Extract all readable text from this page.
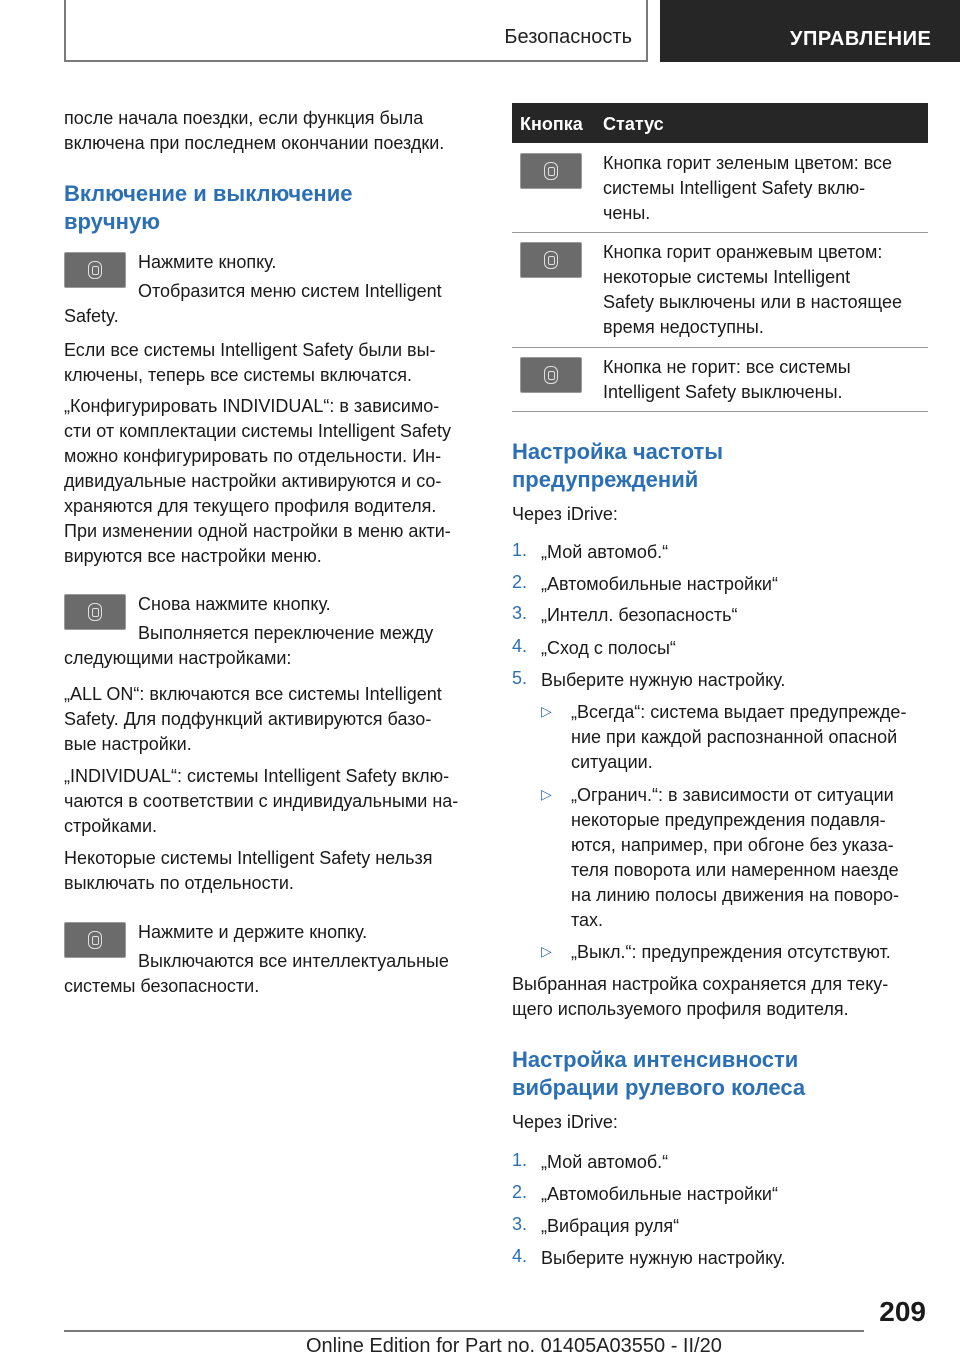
Безопасность	УПРАВЛЕНИЕ

после начала поездки, если функция была

включена при последнем окончании поездки.

Включение и выключение

вручную

Нажмите кнопку.

Отобразится меню систем Intelligent

Safety.

Если все системы Intelligent Safety были вы-

ключены, теперь все системы включатся.

„Конфигурировать INDIVIDUAL“: в зависимо-

сти от комплектации системы Intelligent Safety

можно конфигурировать по отдельности. Ин-

дивидуальные настройки активируются и со-

храняются для текущего профиля водителя.

При изменении одной настройки в меню акти-

вируются все настройки меню.

Снова нажмите кнопку.

Выполняется переключение между

следующими настройками:

„ALL ON“: включаются все системы Intelligent

Safety. Для подфункций активируются базо-

вые настройки.

„INDIVIDUAL“: системы Intelligent Safety вклю-

чаются в соответствии с индивидуальными на-

стройками.

Некоторые системы Intelligent Safety нельзя

выключать по отдельности.

Нажмите и держите кнопку.

Выключаются все интеллектуальные

системы безопасности.

Кнопка Статус

Кнопка горит зеленым цветом: все

системы Intelligent Safety вклю-

чены.

Кнопка горит оранжевым цветом:

некоторые системы Intelligent

Safety выключены или в настоящее

время недоступны.

Кнопка не горит: все системы

Intelligent Safety выключены.

Настройка частоты

предупреждений

Через iDrive:

1. „Мой автомоб.“
2. „Автомобильные настройки“
3. „Интелл. безопасность“
4. „Сход с полосы“
5. Выберите нужную настройку.
▷ „Всегда“: система выдает предупрежде-

ние при каждой распознанной опасной

ситуации.

▷ „Огранич.“: в зависимости от ситуации

некоторые предупреждения подавля-

ются, например, при обгоне без указа-

теля поворота или намеренном наезде

на линию полосы движения на поворо-

тах.

▷ „Выкл.“: предупреждения отсутствуют.

Выбранная настройка сохраняется для теку-

щего используемого профиля водителя.

Настройка интенсивности

вибрации рулевого колеса

Через iDrive:

1. „Мой автомоб.“
2. „Автомобильные настройки“
3. „Вибрация руля“
4. Выберите нужную настройку.
209
Online Edition for Part no. 01405A03550 - II/20
